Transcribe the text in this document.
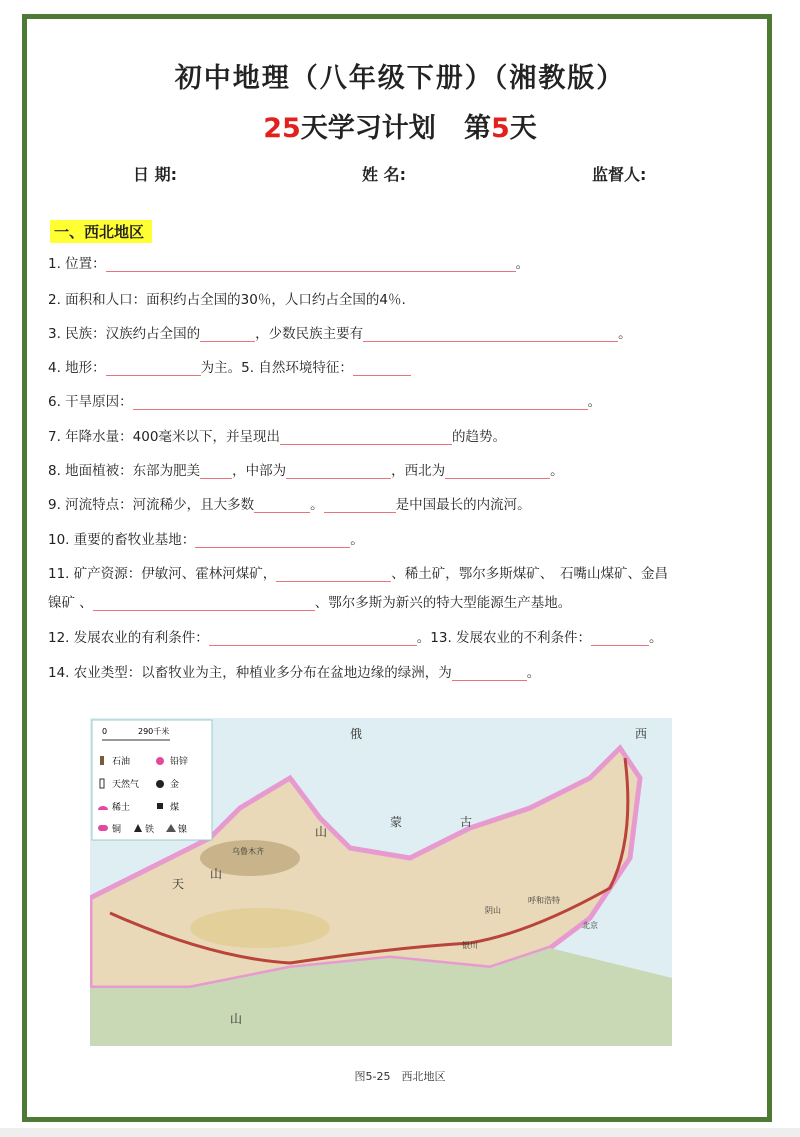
初中地理（八年级下册）（湘教版）
25天学习计划 第5天
日 期:	姓 名:	监督人:
一、西北地区
1. 位置：	。
2. 面积和人口：面积约占全国的30％，人口约占全国的4％.
3. 民族：汉族约占全国的	，少数民族主要有	。
4. 地形：	为主。5. 自然环境特征：
6. 干旱原因：	。
7. 年降水量：400毫米以下，并呈现出	的趋势。
8. 地面植被：东部为肥美 ，中部为	，西北为	。
9. 河流特点：河流稀少，且大多数	。	是中国最长的内流河。
10. 重要的畜牧业基地：	。
11. 矿产资源：伊敏河、霍林河煤矿，	、稀土矿，鄂尔多斯煤矿、　石嘴山煤矿、金昌
镍矿 、	、鄂尔多斯为新兴的特大型能源生产基地。
12. 发展农业的有利条件：	。13. 发展农业的不利条件：	。
14. 农业类型：以畜牧业为主，种植业多分布在盆地边缘的绿洲，为	。
0	290千米
石油	铅锌
天然气	金
稀土	煤
铜	铁	镍
天
山
山
山
俄
蒙	古
西
乌鲁木齐
呼和浩特
北京
银川
阴山
图5-25　西北地区
